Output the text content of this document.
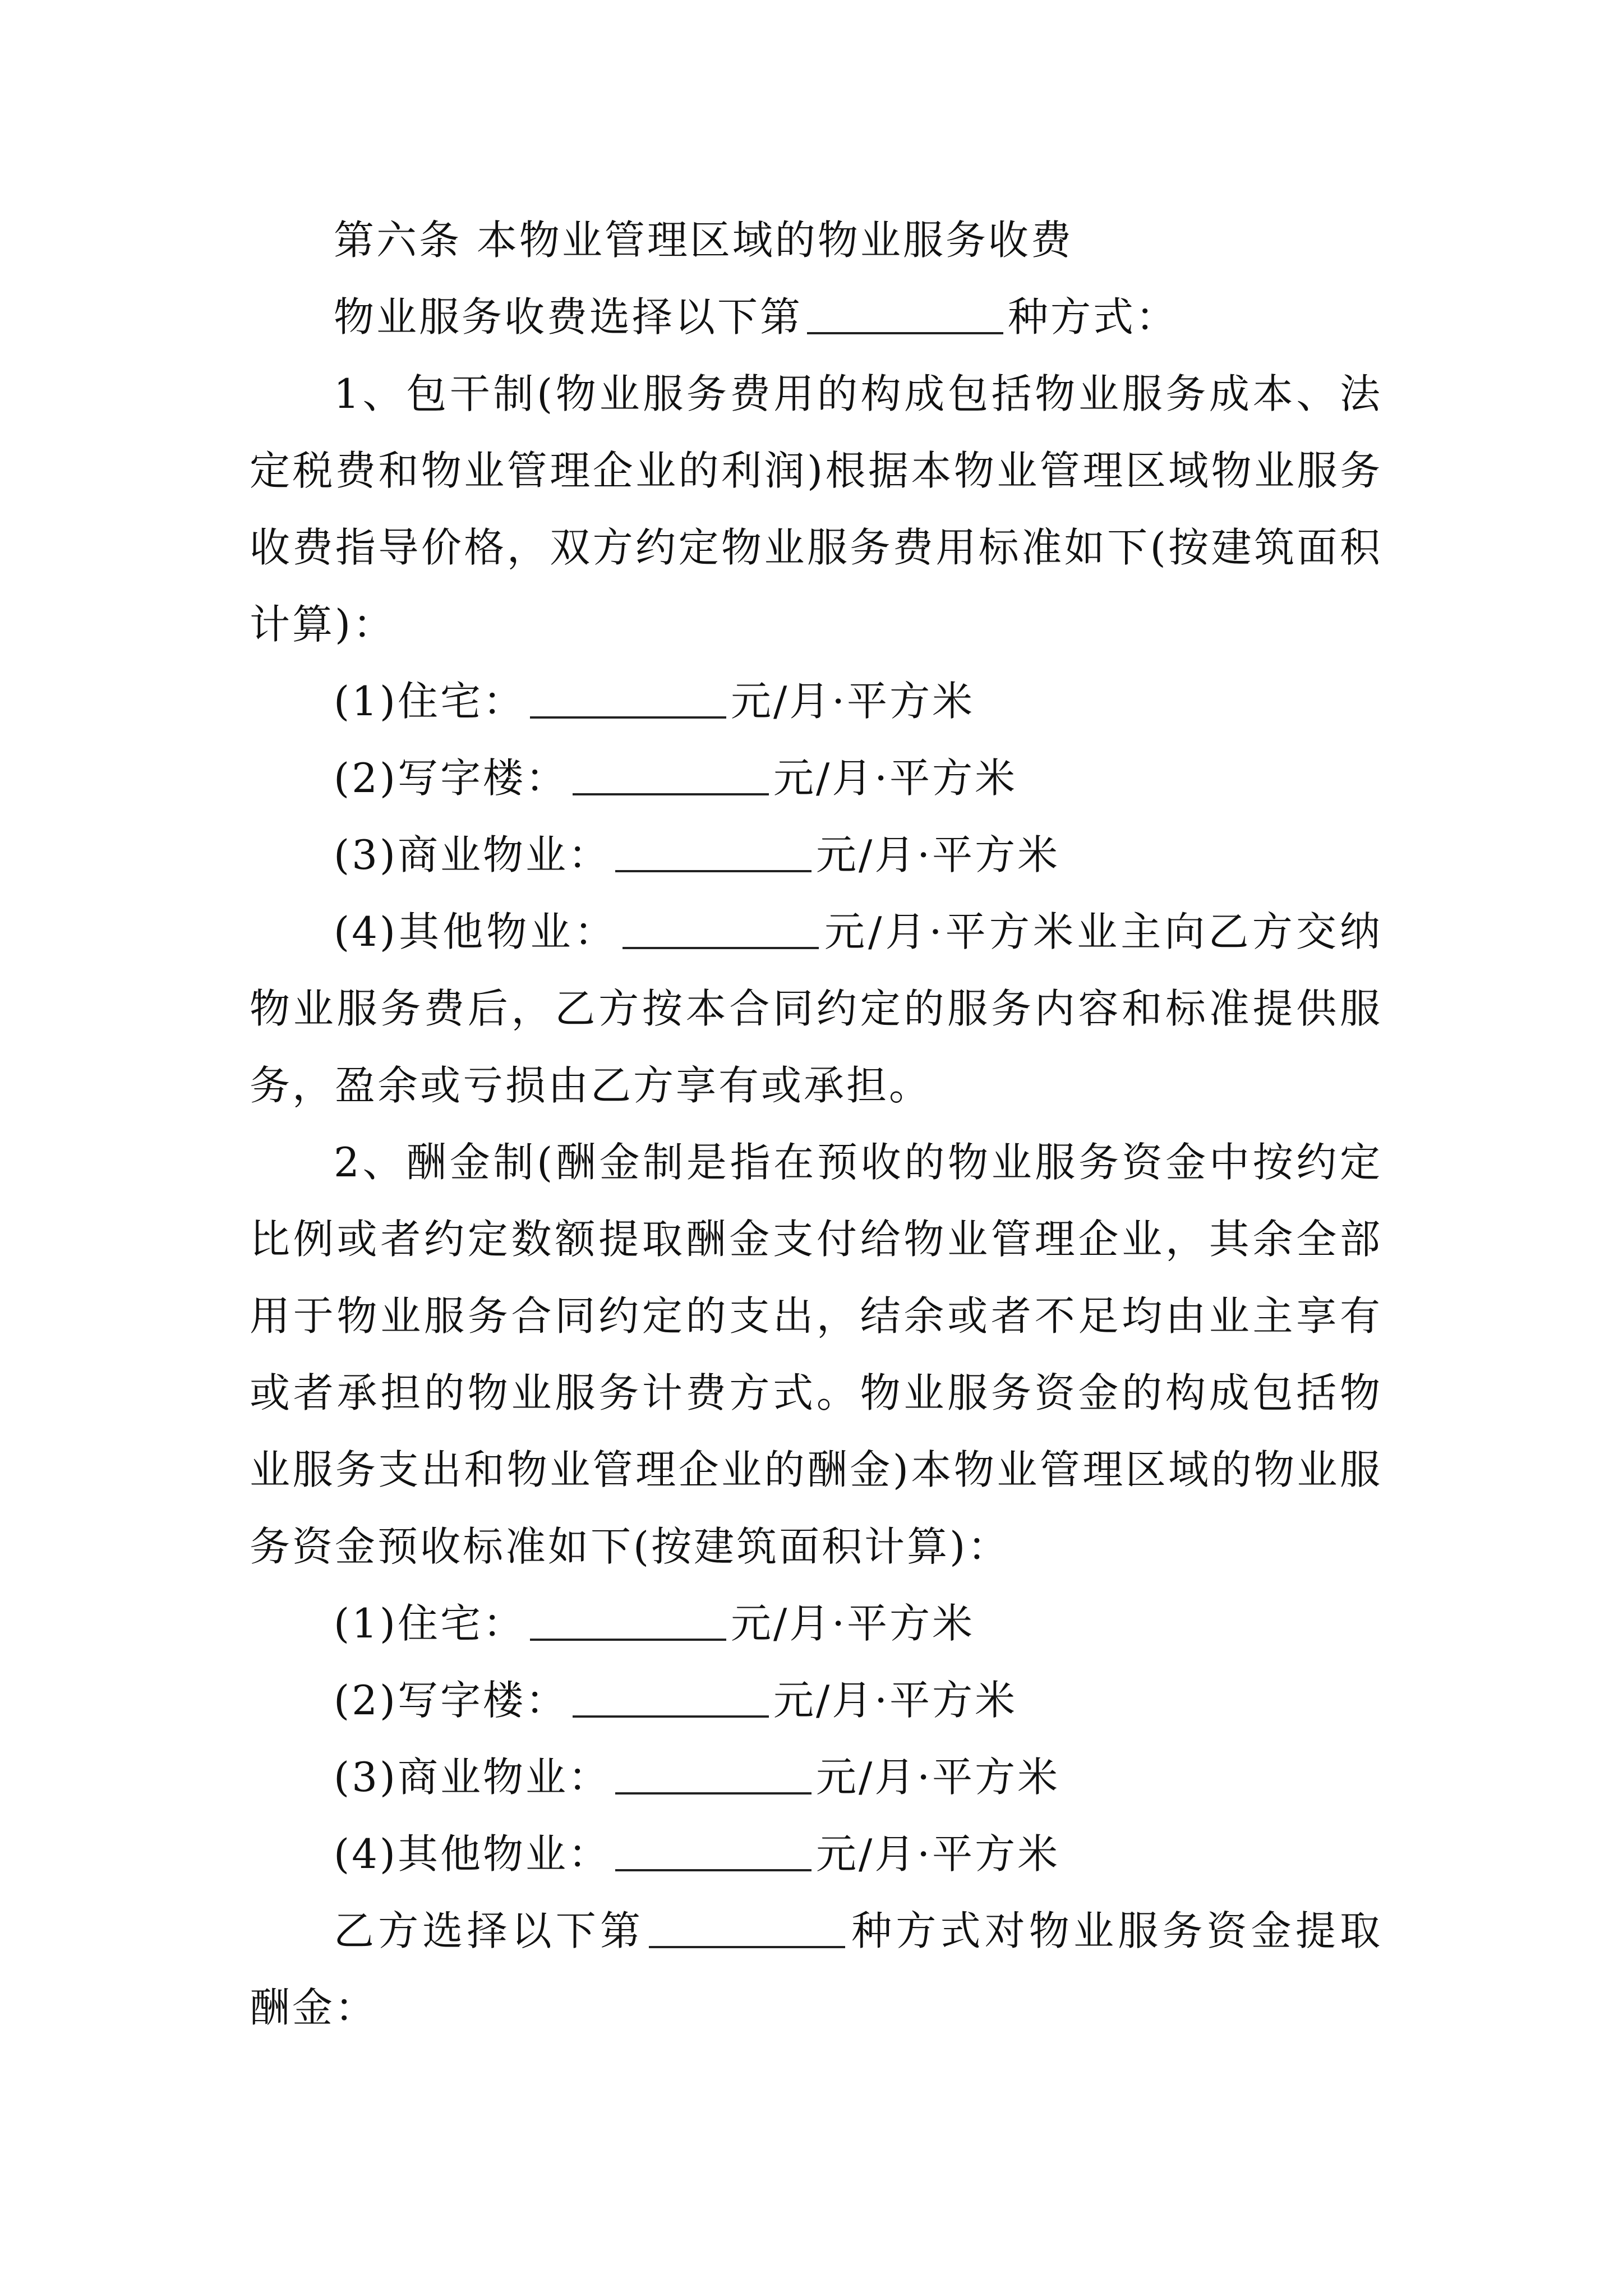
第六条 本物业管理区域的物业服务收费

物业服务收费选择以下第	种方式：

1、包干制(物业服务费用的构成包括物业服务成本、法定税费和物业管理企业的利润)根据本物业管理区域物业服务收费指导价格，双方约定物业服务费用标准如下(按建筑面积计算)：

(1)住宅：	元/月·平方米

(2)写字楼：	元/月·平方米

(3)商业物业：	元/月·平方米

(4)其他物业：	元/月·平方米业主向乙方交纳物业服务费后，乙方按本合同约定的服务内容和标准提供服务，盈余或亏损由乙方享有或承担。

2、酬金制(酬金制是指在预收的物业服务资金中按约定比例或者约定数额提取酬金支付给物业管理企业，其余全部用于物业服务合同约定的支出，结余或者不足均由业主享有或者承担的物业服务计费方式。物业服务资金的构成包括物业服务支出和物业管理企业的酬金)本物业管理区域的物业服务资金预收标准如下(按建筑面积计算)：

(1)住宅：	元/月·平方米

(2)写字楼：	元/月·平方米

(3)商业物业：	元/月·平方米

(4)其他物业：	元/月·平方米

乙方选择以下第	种方式对物业服务资金提取酬金：
